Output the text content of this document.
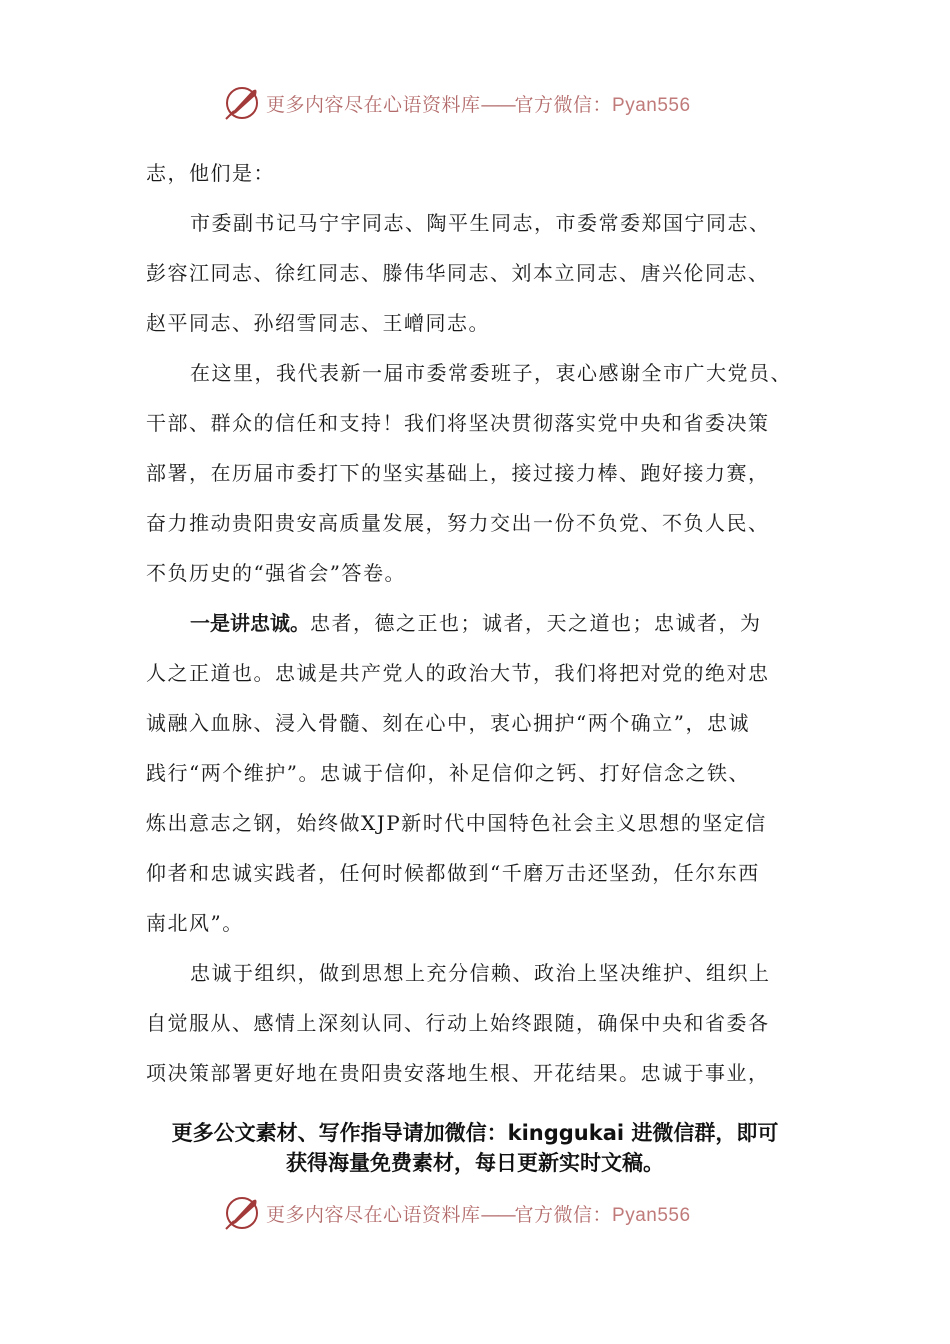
更多内容尽在心语资料库——官方微信：Pyan556
志，他们是：
市委副书记马宁宇同志、陶平生同志，市委常委郑国宁同志、
彭容江同志、徐红同志、滕伟华同志、刘本立同志、唐兴伦同志、
赵平同志、孙绍雪同志、王嶒同志。
在这里，我代表新一届市委常委班子，衷心感谢全市广大党员、
干部、群众的信任和支持！我们将坚决贯彻落实党中央和省委决策
部署，在历届市委打下的坚实基础上，接过接力棒、跑好接力赛，
奋力推动贵阳贵安高质量发展，努力交出一份不负党、不负人民、
不负历史的“强省会”答卷。
一是讲忠诚。忠者，德之正也；诚者，天之道也；忠诚者，为
人之正道也。忠诚是共产党人的政治大节，我们将把对党的绝对忠
诚融入血脉、浸入骨髓、刻在心中，衷心拥护“两个确立”，忠诚
践行“两个维护”。忠诚于信仰，补足信仰之钙、打好信念之铁、
炼出意志之钢，始终做XJP新时代中国特色社会主义思想的坚定信
仰者和忠诚实践者，任何时候都做到“千磨万击还坚劲，任尔东西
南北风”。
忠诚于组织，做到思想上充分信赖、政治上坚决维护、组织上
自觉服从、感情上深刻认同、行动上始终跟随，确保中央和省委各
项决策部署更好地在贵阳贵安落地生根、开花结果。忠诚于事业，
更多公文素材、写作指导请加微信：kinggukai 进微信群，即可
获得海量免费素材，每日更新实时文稿。
更多内容尽在心语资料库——官方微信：Pyan556
